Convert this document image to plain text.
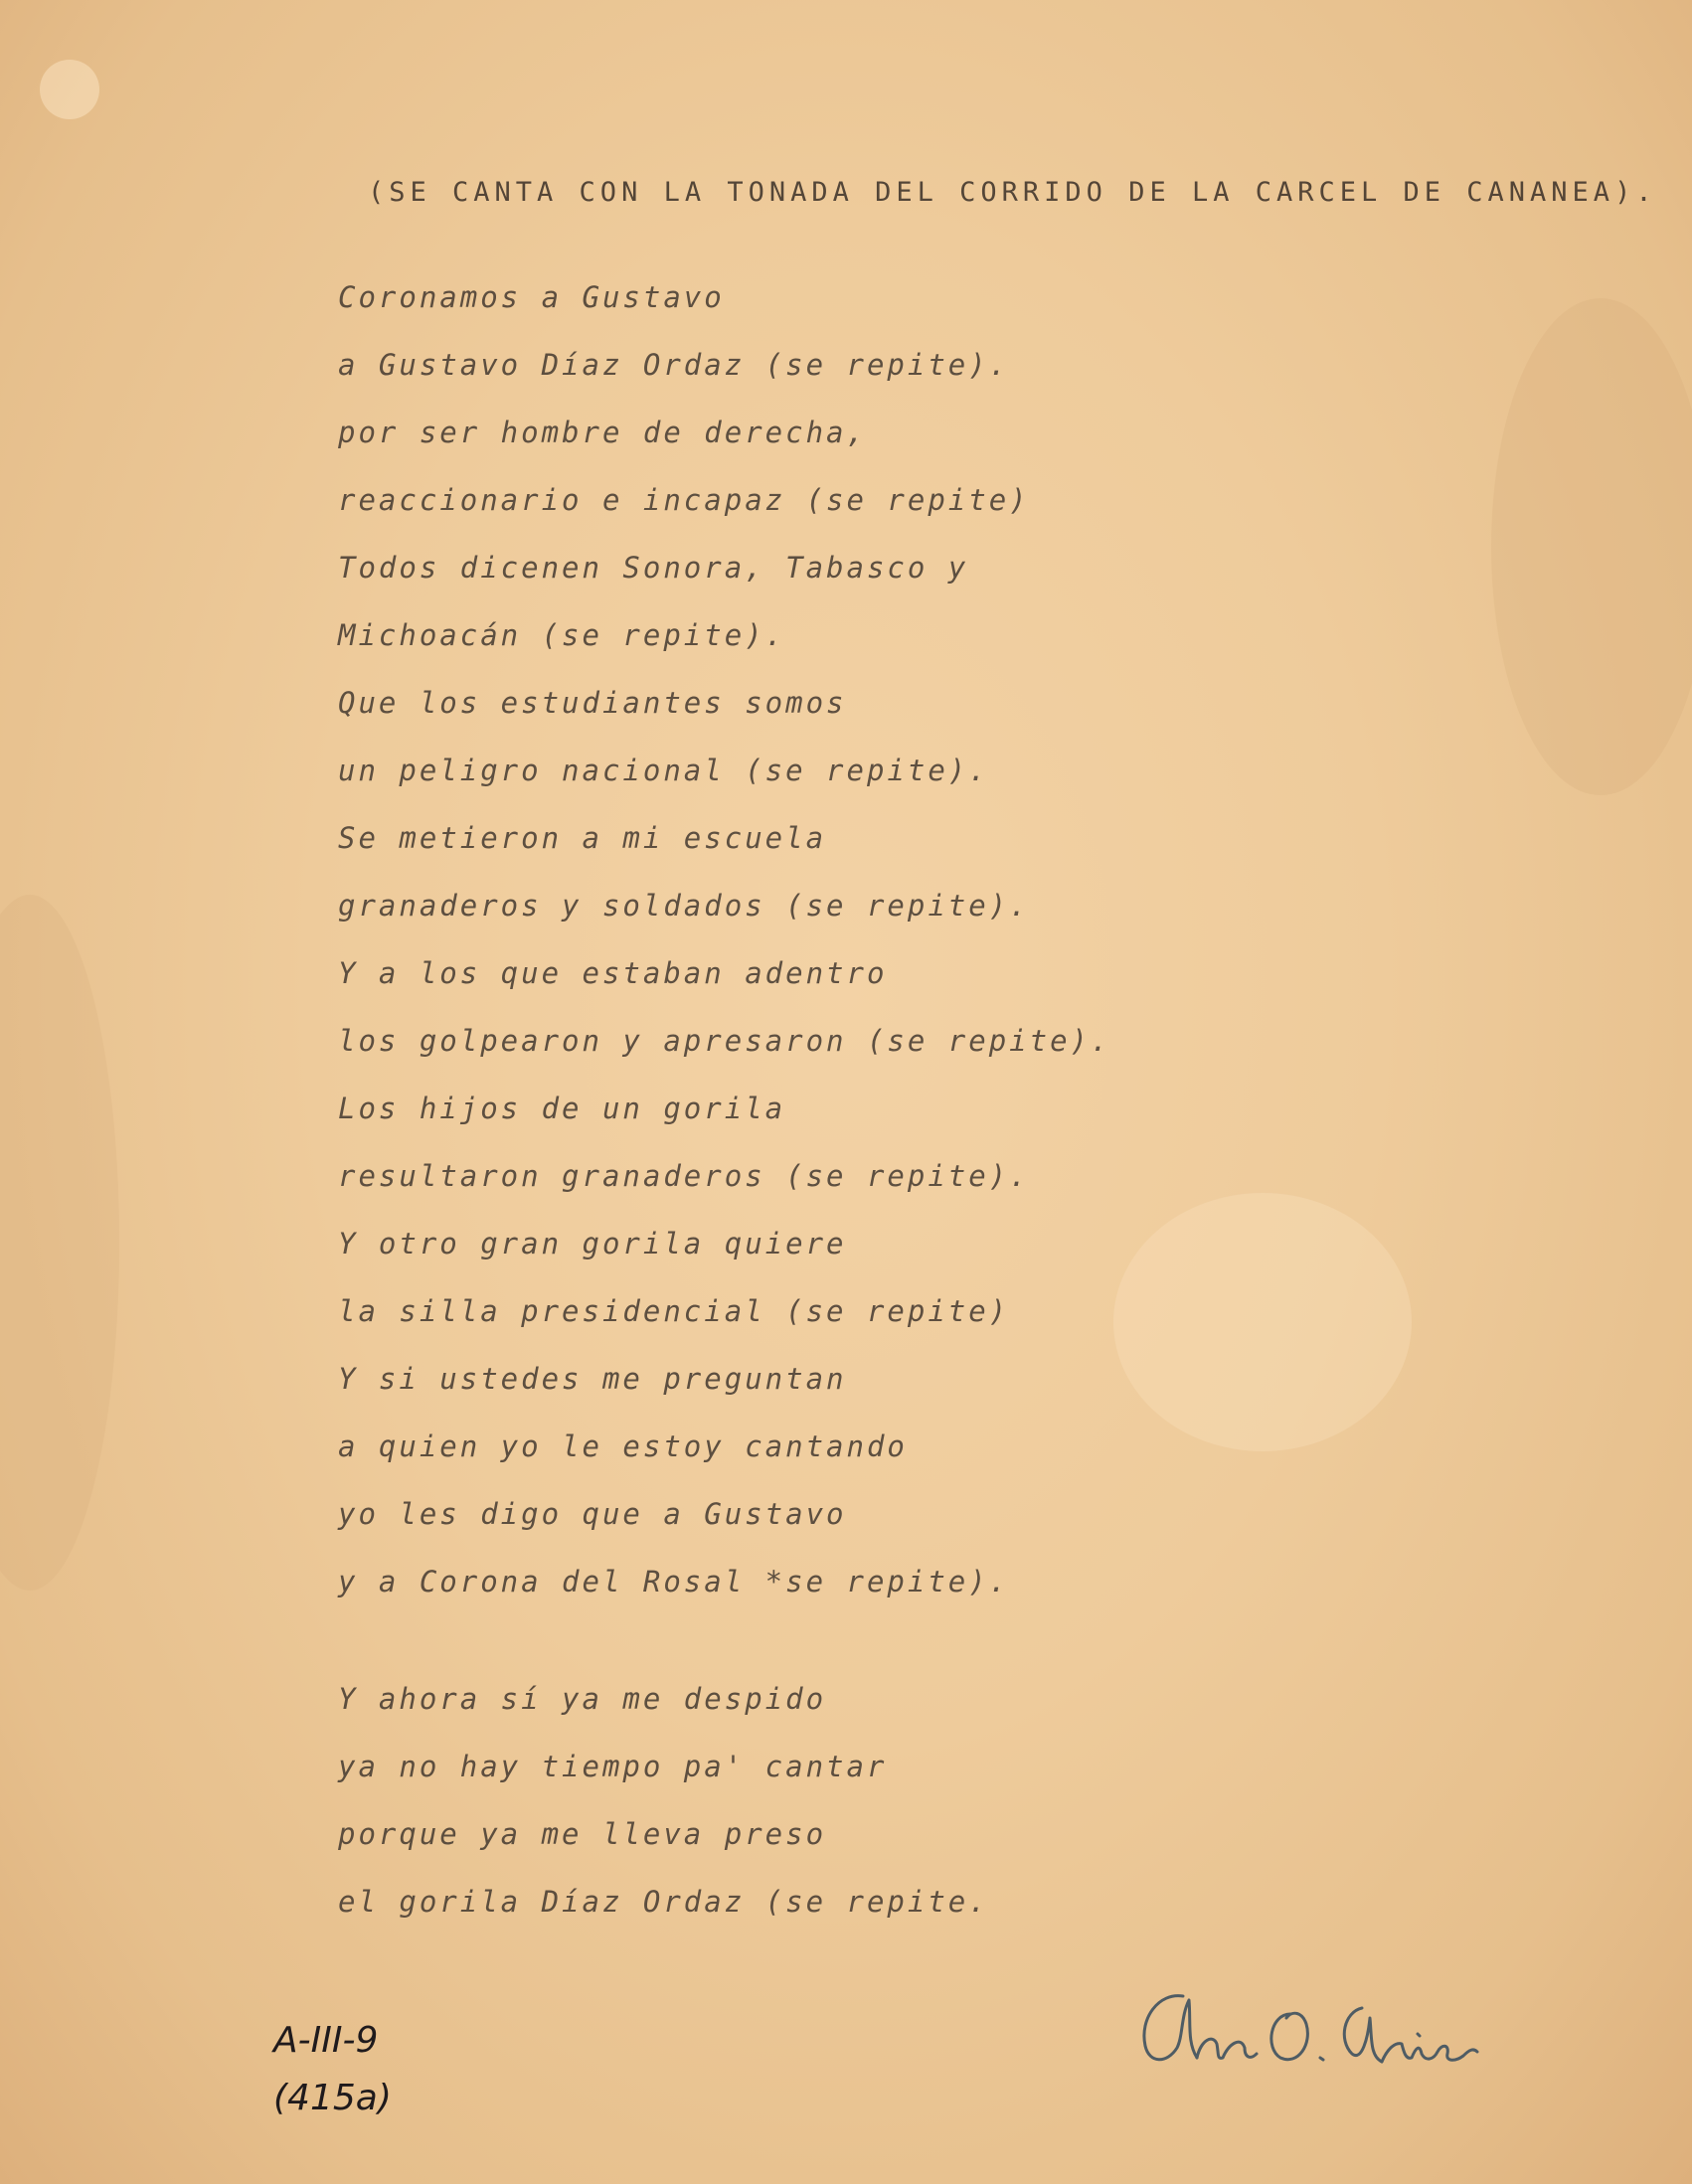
(SE CANTA CON LA TONADA DEL CORRIDO DE LA CARCEL DE CANANEA).
Coronamos a Gustavo
a Gustavo Díaz Ordaz (se repite).
por ser hombre de derecha,
reaccionario e incapaz (se repite)
Todos dicenen Sonora, Tabasco y
Michoacán (se repite).
Que los estudiantes somos
un peligro nacional (se repite).
Se metieron a mi escuela
granaderos y soldados (se repite).
Y a los que estaban adentro
los golpearon y apresaron (se repite).
Los hijos de un gorila
resultaron granaderos (se repite).
Y otro gran gorila quiere
la silla presidencial (se repite)
Y si ustedes me preguntan
a quien yo le estoy cantando
yo les digo que a Gustavo
y a Corona del Rosal *se repite).
Y ahora sí ya me despido
ya no hay tiempo pa' cantar
porque ya me lleva preso
el gorila Díaz Ordaz (se repite.
A-III-9
(415a)
